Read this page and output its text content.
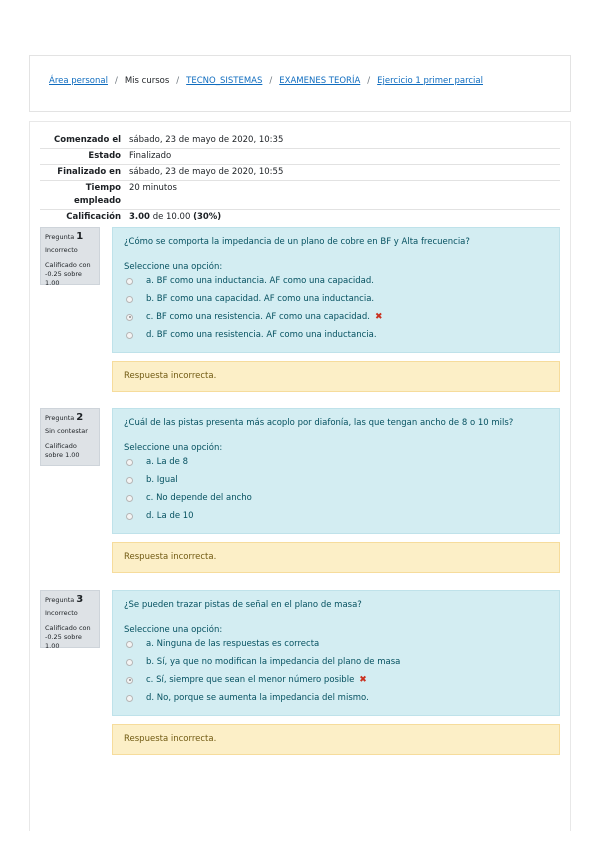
Área personal / Mis cursos / TECNO_SISTEMAS / EXAMENES TEORÍA / Ejercicio 1 primer parcial
Comenzado el sábado, 23 de mayo de 2020, 10:35
Estado Finalizado
Finalizado en sábado, 23 de mayo de 2020, 10:55
Tiempo
empleado
20 minutos
Calificación 3.00 de 10.00 (30%)
Pregunta 1
Incorrecto
Calificado con -0.25 sobre 1.00
¿Cómo se comporta la impedancia de un plano de cobre en BF y Alta frecuencia?
Seleccione una opción:
a. BF como una inductancia. AF como una capacidad.
b. BF como una capacidad. AF como una inductancia.
c. BF como una resistencia. AF como una capacidad. ✖
d. BF como una resistencia. AF como una inductancia.
Respuesta incorrecta.
Pregunta 2
Sin contestar
Calificado sobre 1.00
¿Cuál de las pistas presenta más acoplo por diafonía, las que tengan ancho de 8 o 10 mils?
Seleccione una opción:
a. La de 8
b. Igual
c. No depende del ancho
d. La de 10
Respuesta incorrecta.
Pregunta 3
Incorrecto
Calificado con -0.25 sobre 1.00
¿Se pueden trazar pistas de señal en el plano de masa?
Seleccione una opción:
a. Ninguna de las respuestas es correcta
b. Sí, ya que no modifican la impedancia del plano de masa
c. Sí, siempre que sean el menor número posible ✖
d. No, porque se aumenta la impedancia del mismo.
Respuesta incorrecta.
